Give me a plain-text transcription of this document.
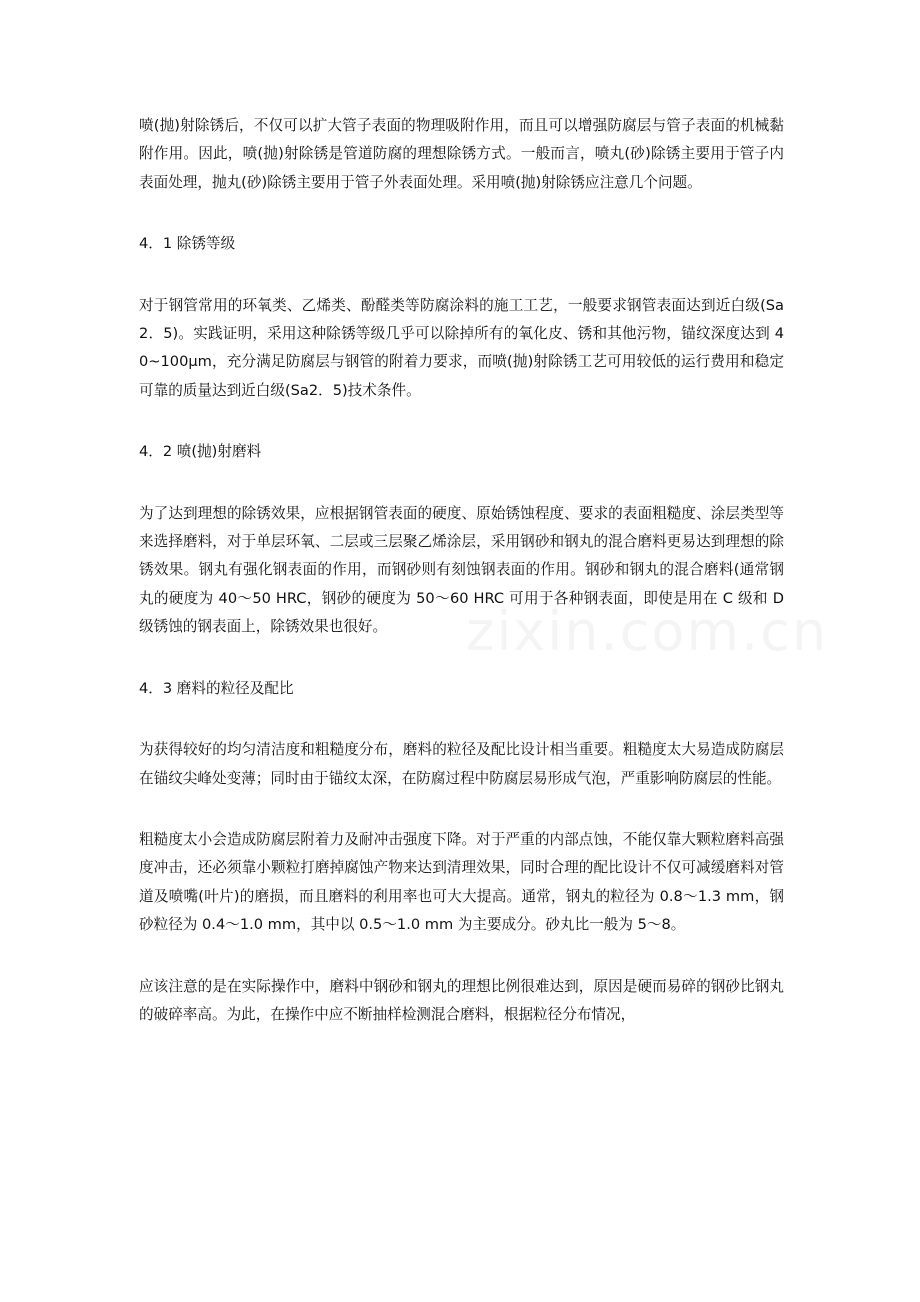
喷(抛)射除锈后，不仅可以扩大管子表面的物理吸附作用，而且可以增强防腐层与管子表面的机械黏附作用。因此，喷(抛)射除锈是管道防腐的理想除锈方式。一般而言，喷丸(砂)除锈主要用于管子内表面处理，抛丸(砂)除锈主要用于管子外表面处理。采用喷(抛)射除锈应注意几个问题。

4．1 除锈等级

对于钢管常用的环氧类、乙烯类、酚醛类等防腐涂料的施工工艺，一般要求钢管表面达到近白级(Sa2．5)。实践证明，采用这种除锈等级几乎可以除掉所有的氧化皮、锈和其他污物，锚纹深度达到 40~100μm，充分满足防腐层与钢管的附着力要求，而喷(抛)射除锈工艺可用较低的运行费用和稳定可靠的质量达到近白级(Sa2．5)技术条件。

4．2 喷(抛)射磨料

为了达到理想的除锈效果，应根据钢管表面的硬度、原始锈蚀程度、要求的表面粗糙度、涂层类型等来选择磨料，对于单层环氧、二层或三层聚乙烯涂层，采用钢砂和钢丸的混合磨料更易达到理想的除锈效果。钢丸有强化钢表面的作用，而钢砂则有刻蚀钢表面的作用。钢砂和钢丸的混合磨料(通常钢丸的硬度为 40～50 HRC，钢砂的硬度为 50～60 HRC 可用于各种钢表面，即使是用在 C 级和 D 级锈蚀的钢表面上，除锈效果也很好。

4．3 磨料的粒径及配比

为获得较好的均匀清洁度和粗糙度分布，磨料的粒径及配比设计相当重要。粗糙度太大易造成防腐层在锚纹尖峰处变薄；同时由于锚纹太深，在防腐过程中防腐层易形成气泡，严重影响防腐层的性能。

粗糙度太小会造成防腐层附着力及耐冲击强度下降。对于严重的内部点蚀，不能仅靠大颗粒磨料高强度冲击，还必须靠小颗粒打磨掉腐蚀产物来达到清理效果，同时合理的配比设计不仅可减缓磨料对管道及喷嘴(叶片)的磨损，而且磨料的利用率也可大大提高。通常，钢丸的粒径为 0.8～1.3 mm，钢砂粒径为 0.4～1.0 mm，其中以 0.5～1.0 mm 为主要成分。砂丸比一般为 5～8。

应该注意的是在实际操作中，磨料中钢砂和钢丸的理想比例很难达到，原因是硬而易碎的钢砂比钢丸的破碎率高。为此，在操作中应不断抽样检测混合磨料，根据粒径分布情况，
